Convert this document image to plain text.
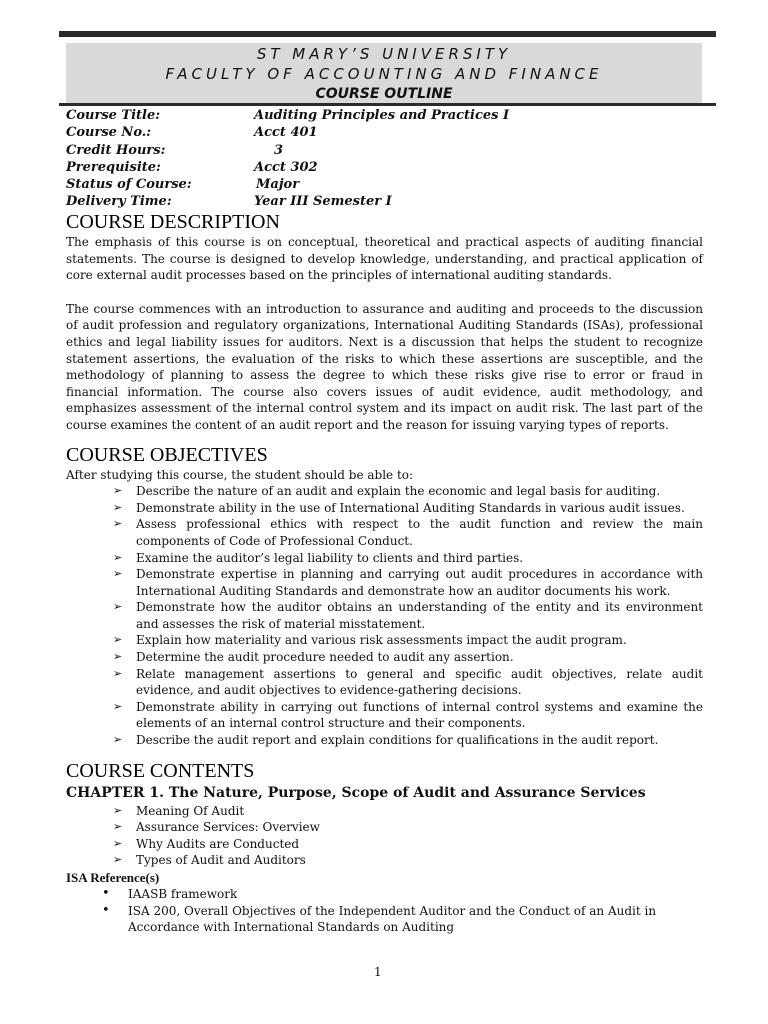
ST MARY’S UNIVERSITY
FACULTY OF ACCOUNTING AND FINANCE
COURSE OUTLINE
Course Title:	Auditing Principles and Practices I
Course No.:	Acct 401
Credit Hours:	3
Prerequisite:	Acct 302
Status of Course:	Major
Delivery Time:	Year III Semester I
COURSE DESCRIPTION

The emphasis of this course is on conceptual, theoretical and practical aspects of auditing financial statements. The course is designed to develop knowledge, understanding, and practical application of core external audit processes based on the principles of international auditing standards.

The course commences with an introduction to assurance and auditing and proceeds to the discussion of audit profession and regulatory organizations, International Auditing Standards (ISAs), professional ethics and legal liability issues for auditors. Next is a discussion that helps the student to recognize statement assertions, the evaluation of the risks to which these assertions are susceptible, and the methodology of planning to assess the degree to which these risks give rise to error or fraud in financial information. The course also covers issues of audit evidence, audit methodology, and emphasizes assessment of the internal control system and its impact on audit risk. The last part of the course examines the content of an audit report and the reason for issuing varying types of reports.

COURSE OBJECTIVES

After studying this course, the student should be able to:

➢ Describe the nature of an audit and explain the economic and legal basis for auditing.
➢ Demonstrate ability in the use of International Auditing Standards in various audit issues.
➢ Assess professional ethics with respect to the audit function and review the main components of Code of Professional Conduct.
➢ Examine the auditor’s legal liability to clients and third parties.
➢ Demonstrate expertise in planning and carrying out audit procedures in accordance with International Auditing Standards and demonstrate how an auditor documents his work.
➢ Demonstrate how the auditor obtains an understanding of the entity and its environment and assesses the risk of material misstatement.
➢ Explain how materiality and various risk assessments impact the audit program.
➢ Determine the audit procedure needed to audit any assertion.
➢ Relate management assertions to general and specific audit objectives, relate audit evidence, and audit objectives to evidence-gathering decisions.
➢ Demonstrate ability in carrying out functions of internal control systems and examine the elements of an internal control structure and their components.
➢ Describe the audit report and explain conditions for qualifications in the audit report.
COURSE CONTENTS

CHAPTER 1. The Nature, Purpose, Scope of Audit and Assurance Services

➢ Meaning Of Audit
➢ Assurance Services: Overview
➢ Why Audits are Conducted
➢ Types of Audit and Auditors

ISA Reference(s)

• IAASB framework
• ISA 200, Overall Objectives of the Independent Auditor and the Conduct of an Audit in Accordance with International Standards on Auditing
1
